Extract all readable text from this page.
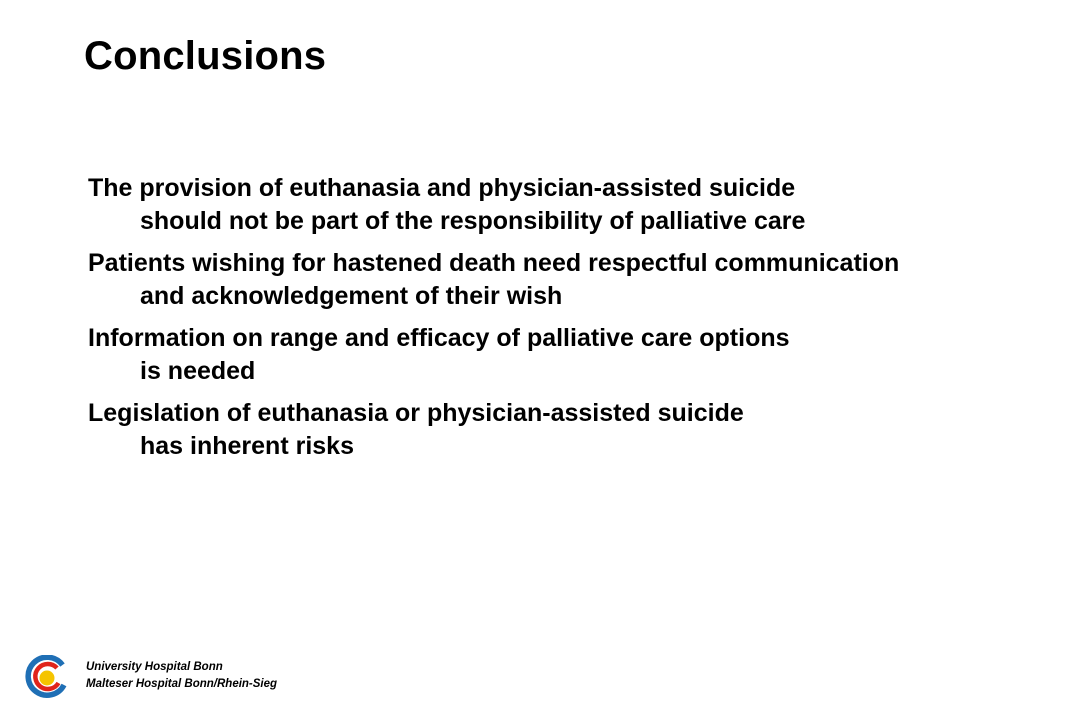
Conclusions
The provision of euthanasia and physician-assisted suicide
should not be part of the responsibility of palliative care
Patients wishing for hastened death need respectful communication
and acknowledgement of their wish
Information on range and efficacy of palliative care options
is needed
Legislation of euthanasia or physician-assisted suicide
has inherent risks
University Hospital Bonn
Malteser Hospital Bonn/Rhein-Sieg
